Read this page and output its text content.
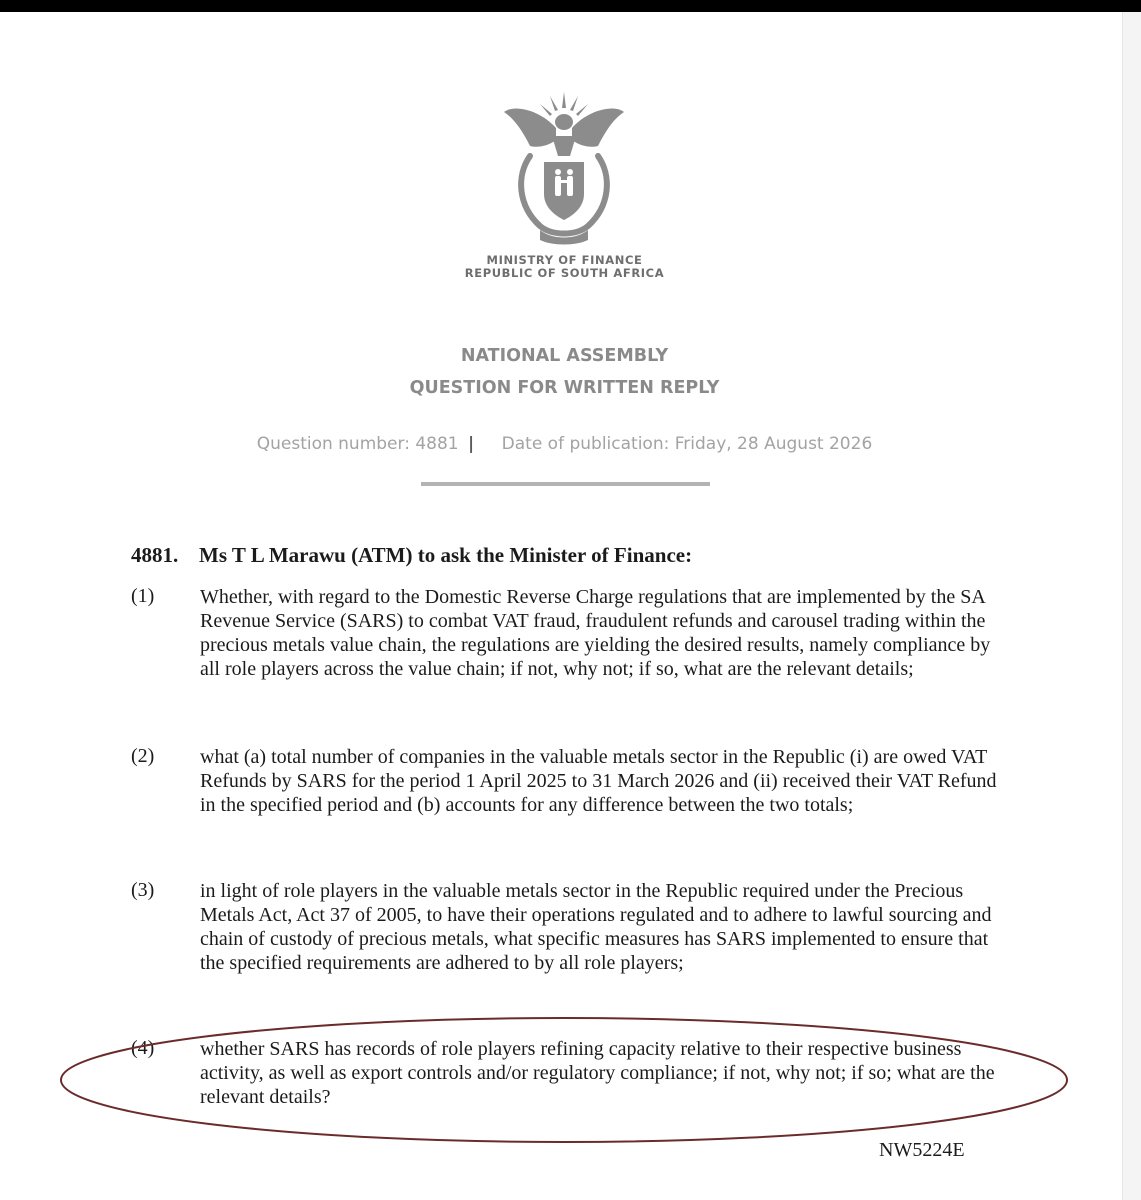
MINISTRY OF FINANCE
REPUBLIC OF SOUTH AFRICA
NATIONAL ASSEMBLY
QUESTION FOR WRITTEN REPLY
Question number: 4881 | Date of publication: Friday, 28 August 2026
4881. Ms T L Marawu (ATM) to ask the Minister of Finance:
(1) Whether, with regard to the Domestic Reverse Charge regulations that are implemented by the SA Revenue Service (SARS) to combat VAT fraud, fraudulent refunds and carousel trading within the precious metals value chain, the regulations are yielding the desired results, namely compliance by all role players across the value chain; if not, why not; if so, what are the relevant details;
(2) what (a) total number of companies in the valuable metals sector in the Republic (i) are owed VAT Refunds by SARS for the period 1 April 2025 to 31 March 2026 and (ii) received their VAT Refund in the specified period and (b) accounts for any difference between the two totals;
(3) in light of role players in the valuable metals sector in the Republic required under the Precious Metals Act, Act 37 of 2005, to have their operations regulated and to adhere to lawful sourcing and chain of custody of precious metals, what specific measures has SARS implemented to ensure that the specified requirements are adhered to by all role players;
(4) whether SARS has records of role players refining capacity relative to their respective business activity, as well as export controls and/or regulatory compliance; if not, why not; if so; what are the relevant details?
NW5224E
